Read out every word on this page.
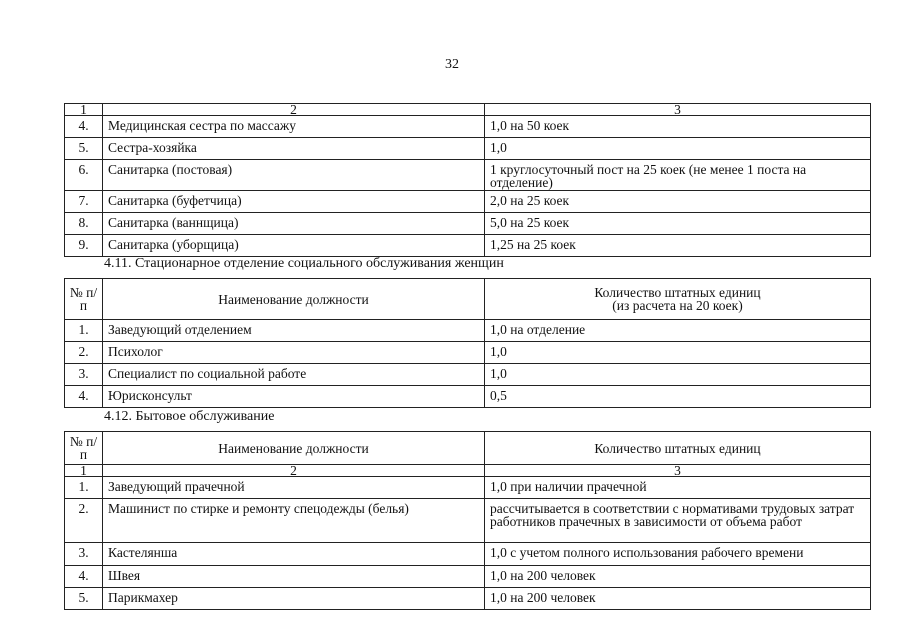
32
1	2	3
4.	Медицинская сестра по массажу	1,0 на 50 коек
5.	Сестра-хозяйка	1,0
6.	Санитарка (постовая)	1 круглосуточный пост на 25 коек (не менее 1 поста на отделение)
7.	Санитарка (буфетчица)	2,0 на 25 коек
8.	Санитарка (ваннщица)	5,0 на 25 коек
9.	Санитарка (уборщица)	1,25 на 25 коек
4.11. Стационарное отделение социального обслуживания женщин
№ п/п	Наименование должности	Количество штатных единиц
(из расчета на 20 коек)

1.	Заведующий отделением	1,0 на отделение
2.	Психолог	1,0
3.	Специалист по социальной работе	1,0
4.	Юрисконсульт	0,5
4.12. Бытовое обслуживание
№ п/п	Наименование должности	Количество штатных единиц
1	2	3
1.	Заведующий прачечной	1,0 при наличии прачечной
2.	Машинист по стирке и ремонту спецодежды (белья)	рассчитывается в соответствии с нормативами трудовых затрат работников прачечных в зависимости от объема работ
3.	Кастелянша	1,0 с учетом полного использования рабочего времени
4.	Швея	1,0 на 200 человек
5.	Парикмахер	1,0 на 200 человек
